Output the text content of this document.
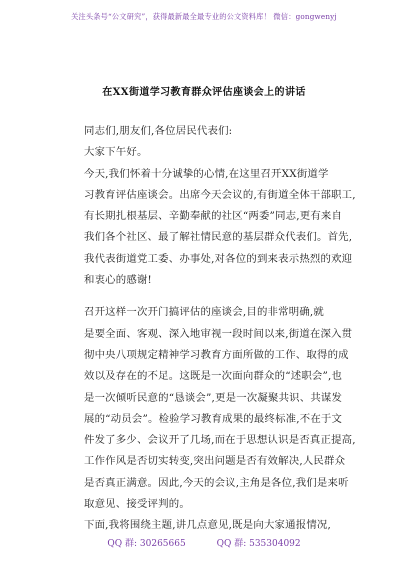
关注头条号“公文研究”，获得最新最全最专业的公文资料库！ 微信：gongwenyj
在XX街道学习教育群众评估座谈会上的讲话
同志们,朋友们,各位居民代表们:
大家下午好。
今天,我们怀着十分诚挚的心情,在这里召开XX街道学
习教育评估座谈会。出席今天会议的,有街道全体干部职工,
有长期扎根基层、辛勤奉献的社区“两委”同志,更有来自
我们各个社区、最了解社情民意的基层群众代表们。首先,
我代表街道党工委、办事处,对各位的到来表示热烈的欢迎
和衷心的感谢!
召开这样一次开门搞评估的座谈会,目的非常明确,就
是要全面、客观、深入地审视一段时间以来,街道在深入贯
彻中央八项规定精神学习教育方面所做的工作、取得的成
效以及存在的不足。这既是一次面向群众的“述职会”,也
是一次倾听民意的“恳谈会”,更是一次凝聚共识、共谋发
展的“动员会”。检验学习教育成果的最终标准,不在于文
件发了多少、会议开了几场,而在于思想认识是否真正提高,
工作作风是否切实转变,突出问题是否有效解决,人民群众
是否真正满意。因此,今天的会议,主角是各位,我们是来听
取意见、接受评判的。
下面,我将围绕主题,讲几点意见,既是向大家通报情况,
QQ 群: 30265665	QQ 群: 535304092
